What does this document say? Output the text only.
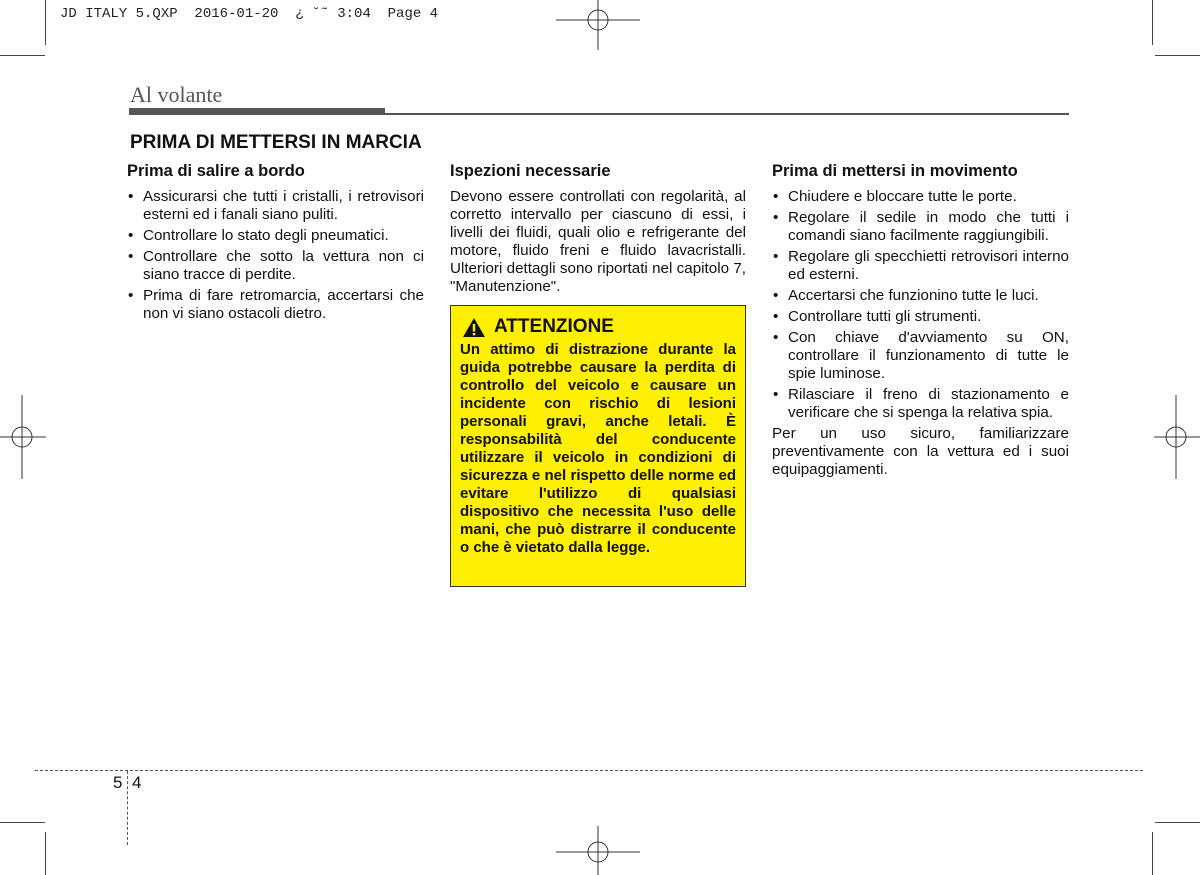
JD ITALY 5.QXP  2016-01-20  ¿ ˘˜ 3:04  Page 4
Al volante
PRIMA DI METTERSI IN MARCIA
Prima di salire a bordo
• Assicurarsi che tutti i cristalli, i retrovisori esterni ed i fanali siano puliti.
• Controllare lo stato degli pneumatici.
• Controllare che sotto la vettura non ci siano tracce di perdite.
• Prima di fare retromarcia, accertarsi che non vi siano ostacoli dietro.
Ispezioni necessarie

Devono essere controllati con regolarità, al corretto intervallo per ciascuno di essi, i livelli dei fluidi, quali olio e refrigerante del motore, fluido freni e fluido lavacristalli. Ulteriori dettagli sono riportati nel capitolo 7, "Manutenzione".

ATTENZIONE
Un attimo di distrazione durante la guida potrebbe causare la perdita di controllo del veicolo e causare un incidente con rischio di lesioni personali gravi, anche letali. È responsabilità del conducente utilizzare il veicolo in condizioni di sicurezza e nel rispetto delle norme ed evitare l'utilizzo di qualsiasi dispositivo che necessita l'uso delle mani, che può distrarre il conducente o che è vietato dalla legge.
Prima di mettersi in movimento
• Chiudere e bloccare tutte le porte.
• Regolare il sedile in modo che tutti i comandi siano facilmente raggiungibili.
• Regolare gli specchietti retrovisori interno ed esterni.
• Accertarsi che funzionino tutte le luci.
• Controllare tutti gli strumenti.
• Con chiave d'avviamento su ON, controllare il funzionamento di tutte le spie luminose.
• Rilasciare il freno di stazionamento e verificare che si spenga la relativa spia.

Per un uso sicuro, familiarizzare preventivamente con la vettura ed i suoi equipaggiamenti.

5 4
